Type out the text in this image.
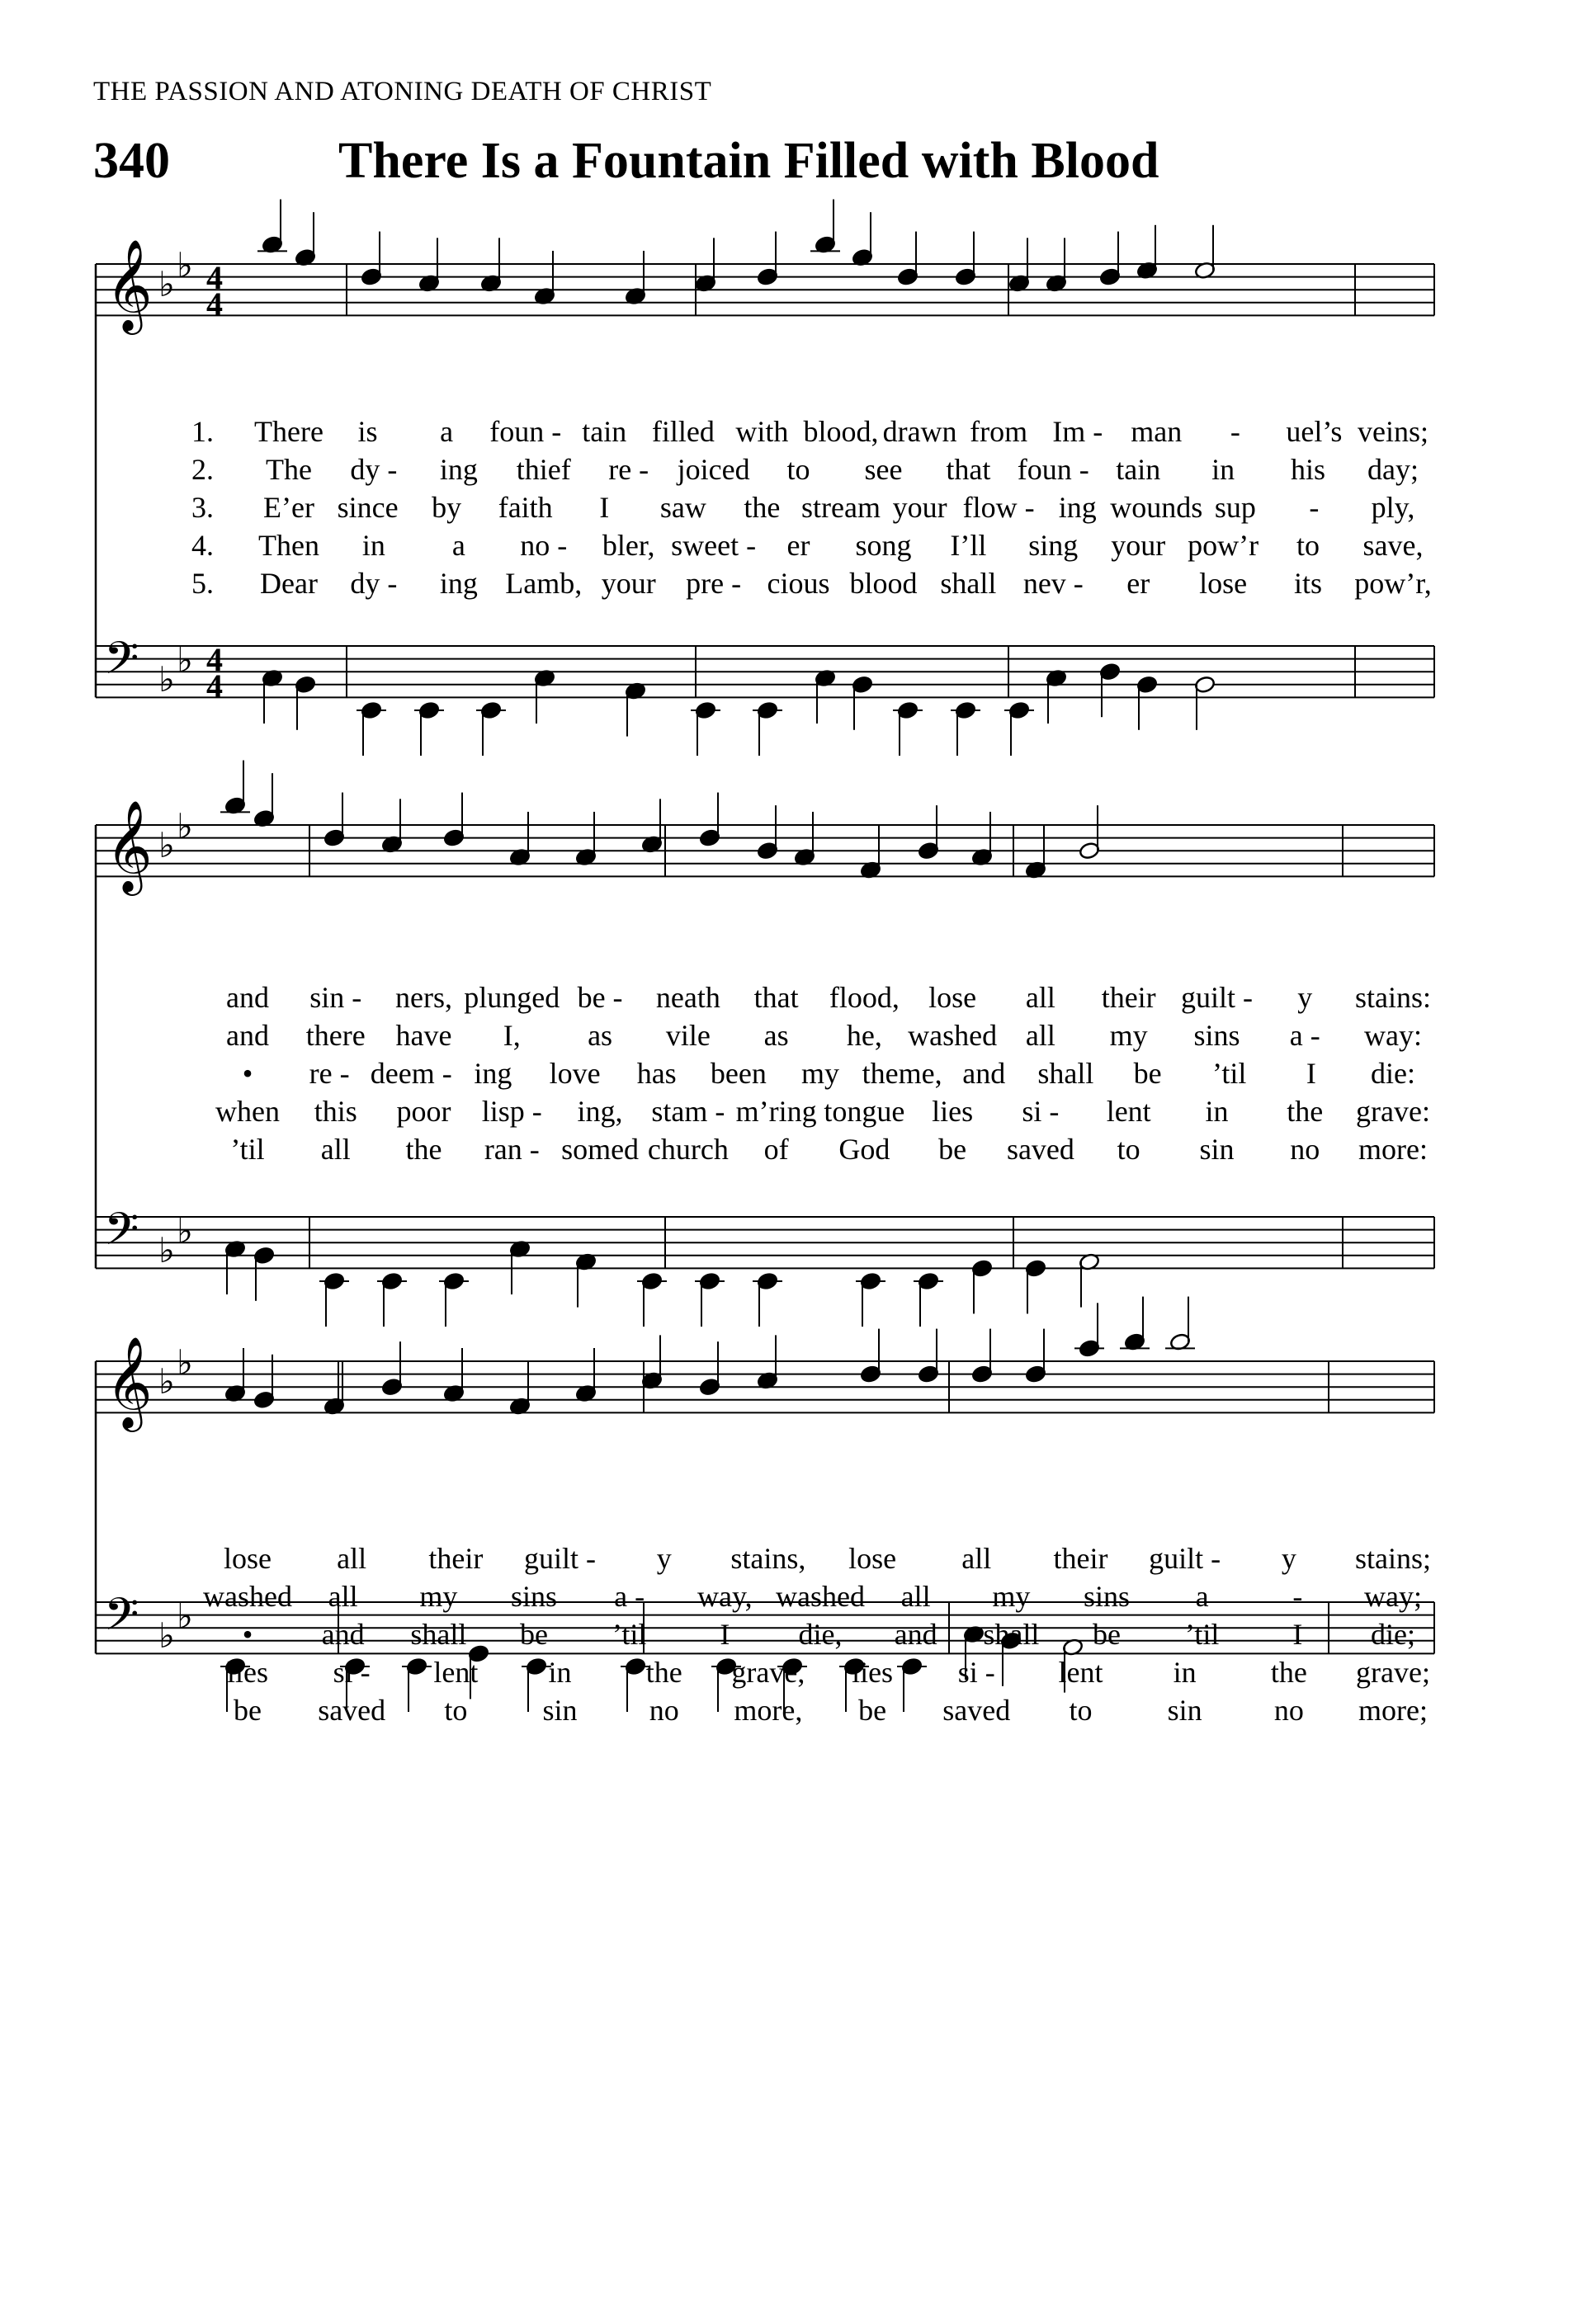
THE PASSION AND ATONING DEATH OF CHRIST
340	There Is a Fountain Filled with Blood
𝄞
𝄢
♭ ♭
♭ ♭
4
4
4
4
𝄞
𝄢
♭ ♭
♭ ♭
𝄞
𝄢
♭ ♭
♭ ♭
1. There is a foun - tain filled with blood, drawn from Im - man - uel’s veins;
2. The dy - ing thief re - joiced to see that foun - tain in his day;
3. E’er since by faith I saw the stream your flow - ing wounds sup - ply,
4. Then in a no - bler, sweet - er song I’ll sing your pow’r to save,
5. Dear dy - ing Lamb, your pre - cious blood shall nev - er lose its pow’r,
and sin - ners, plunged be - neath that flood, lose all their guilt - y stains:
and there have I, as vile as he, washed all my sins a - way:
• re - deem - ing love has been my theme, and shall be ’til I die:
when this poor lisp - ing, stam - m’ring tongue lies si - lent in the grave:
’til all the ran - somed church of God be saved to sin no more:
lose all their guilt - y stains, lose all their guilt - y stains;
washed all my sins a - way, washed all my sins a	- way;
• and shall be ’til I die, and shall be ’til I die;
lies si - lent in	the grave, lies si - lent in	the grave;
be saved to	sin no more, be saved to	sin no more;
